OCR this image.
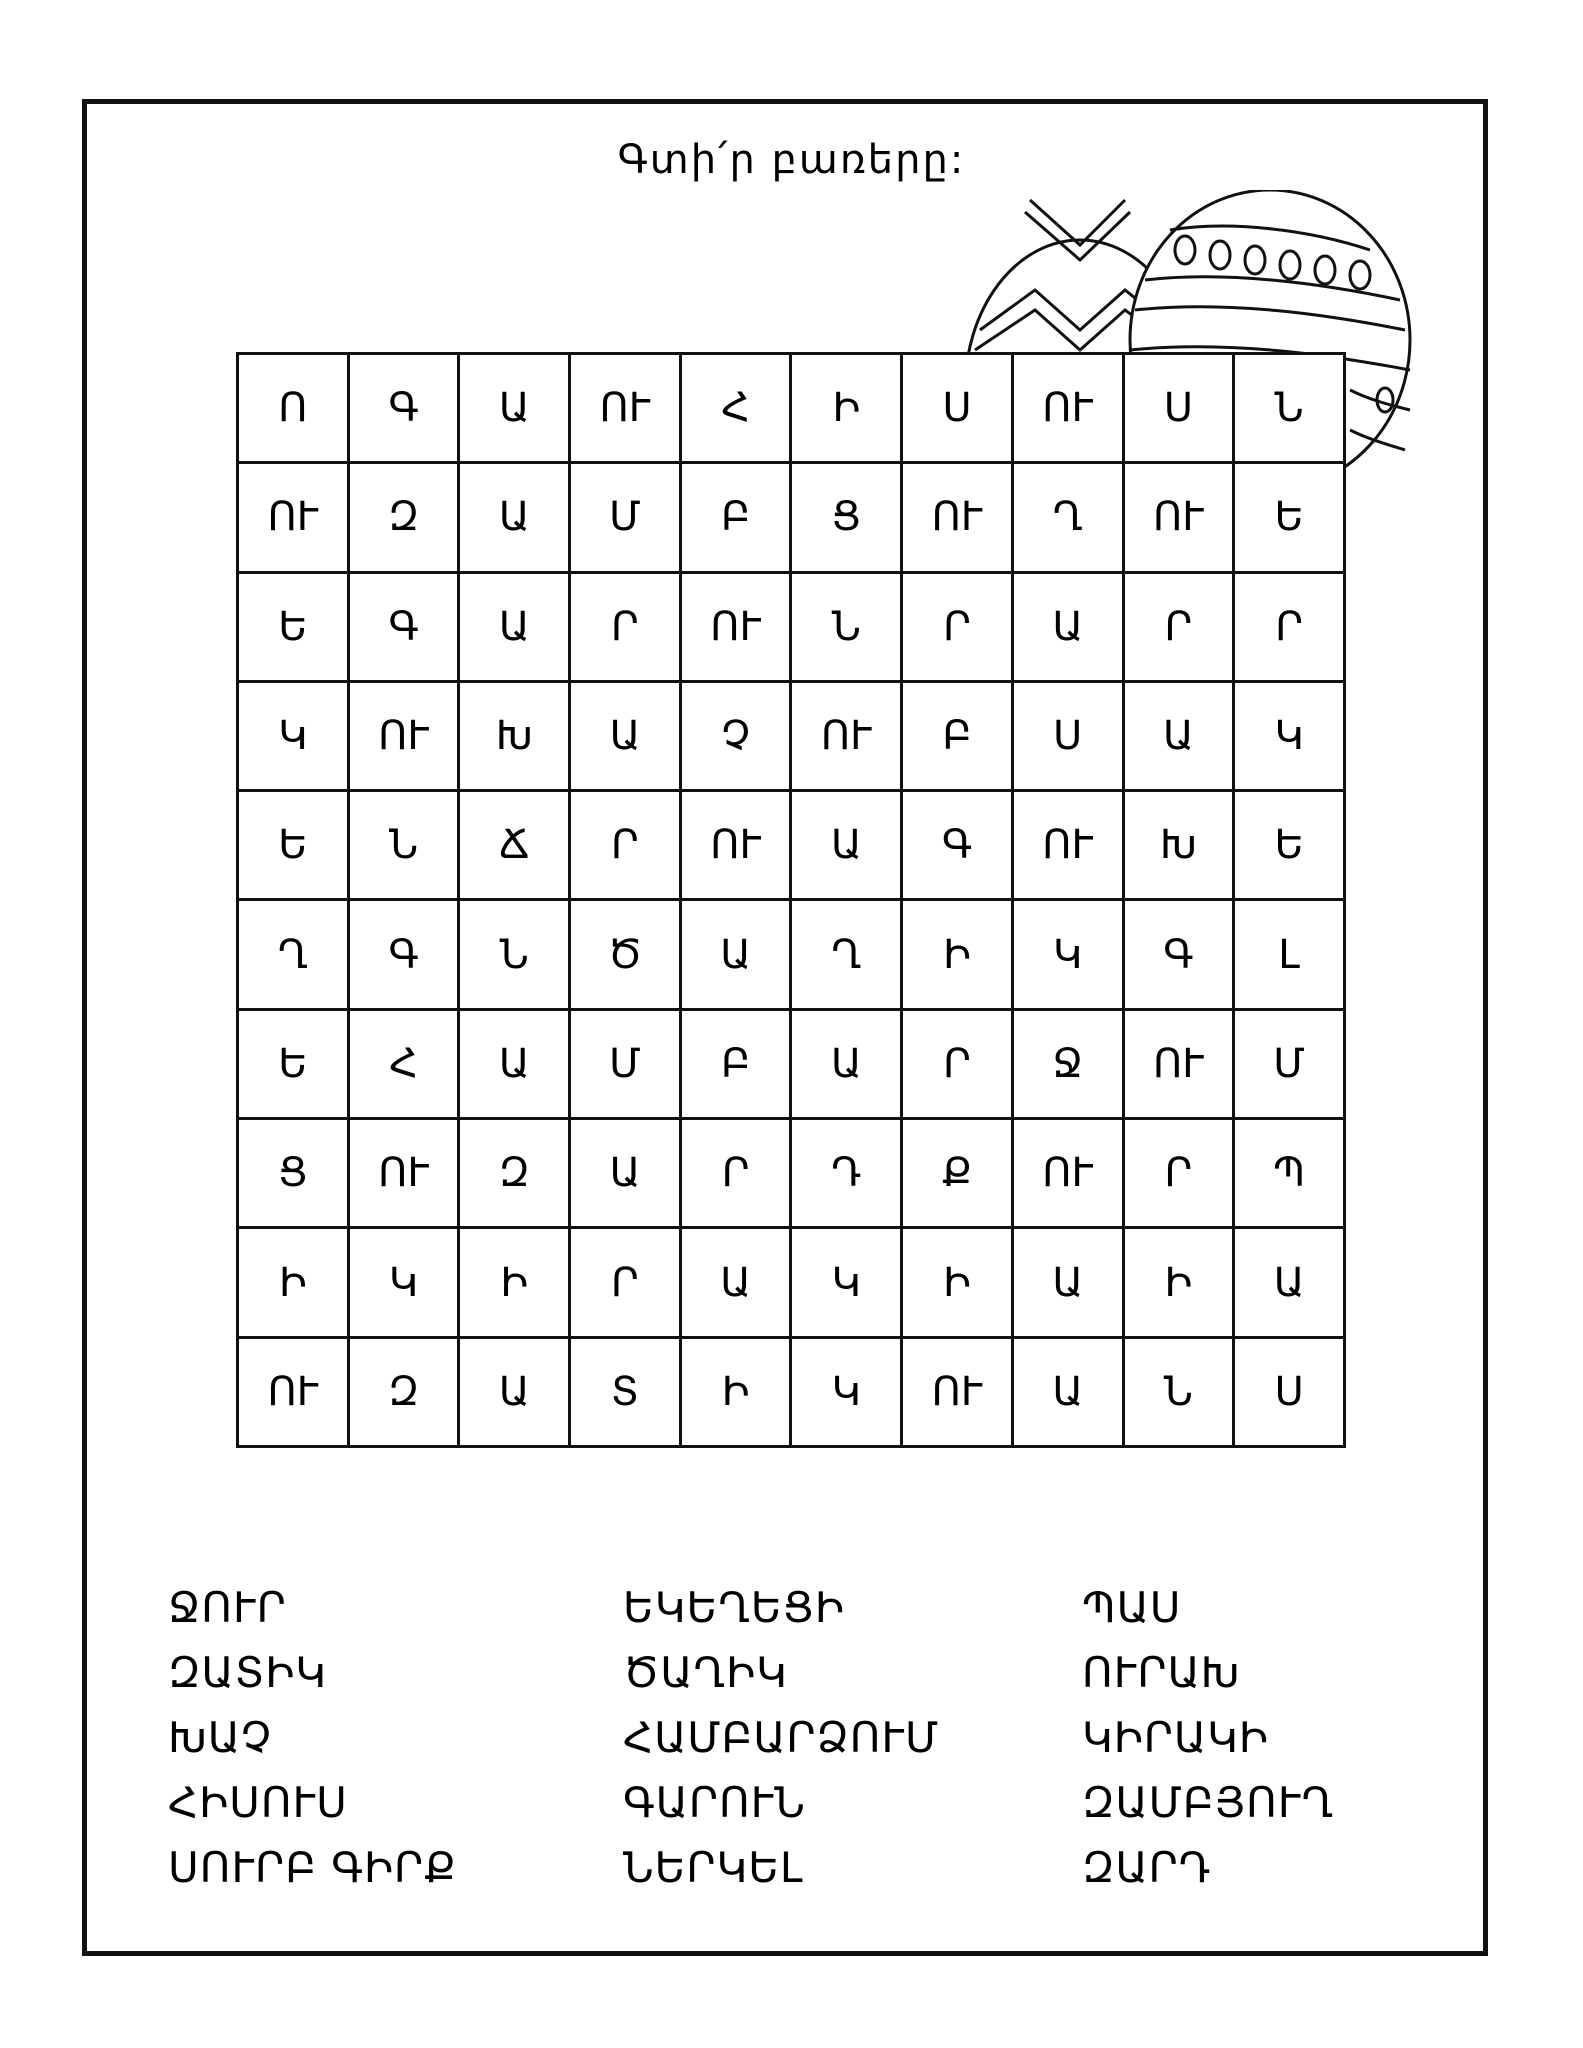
Գտի՛ր բառերը:
Ո	Գ	Ա	ՈՒ	Հ	Ի	Ս	ՈՒ	Ս	Ն
ՈՒ	Զ	Ա	Մ	Բ	Ց	ՈՒ	Ղ	ՈՒ	Ե
Ե	Գ	Ա	Ր	ՈՒ	Ն	Ր	Ա	Ր	Ր
Կ	ՈՒ	Խ	Ա	Չ	ՈՒ	Բ	Ս	Ա	Կ
Ե	Ն	Ճ	Ր	ՈՒ	Ա	Գ	ՈՒ	Խ	Ե
Ղ	Գ	Ն	Ծ	Ա	Ղ	Ի	Կ	Գ	Լ
Ե	Հ	Ա	Մ	Բ	Ա	Ր	Ջ	ՈՒ	Մ
Ց	ՈՒ	Զ	Ա	Ր	Դ	Ք	ՈՒ	Ր	Պ
Ի	Կ	Ի	Ր	Ա	Կ	Ի	Ա	Ի	Ա
ՈՒ	Զ	Ա	Տ	Ի	Կ	ՈՒ	Ա	Ն	Ս
ՋՈՒՐ
ԶԱՏԻԿ
ԽԱՉ
ՀԻՍՈՒՍ
ՍՈՒՐԲ ԳԻՐՔ
ԵԿԵՂԵՑԻ
ԾԱՂԻԿ
ՀԱՄԲԱՐՁՈՒՄ
ԳԱՐՈՒՆ
ՆԵՐԿԵԼ
ՊԱՍ
ՈՒՐԱԽ
ԿԻՐԱԿԻ
ԶԱՄԲՅՈՒՂ
ԶԱՐԴ
